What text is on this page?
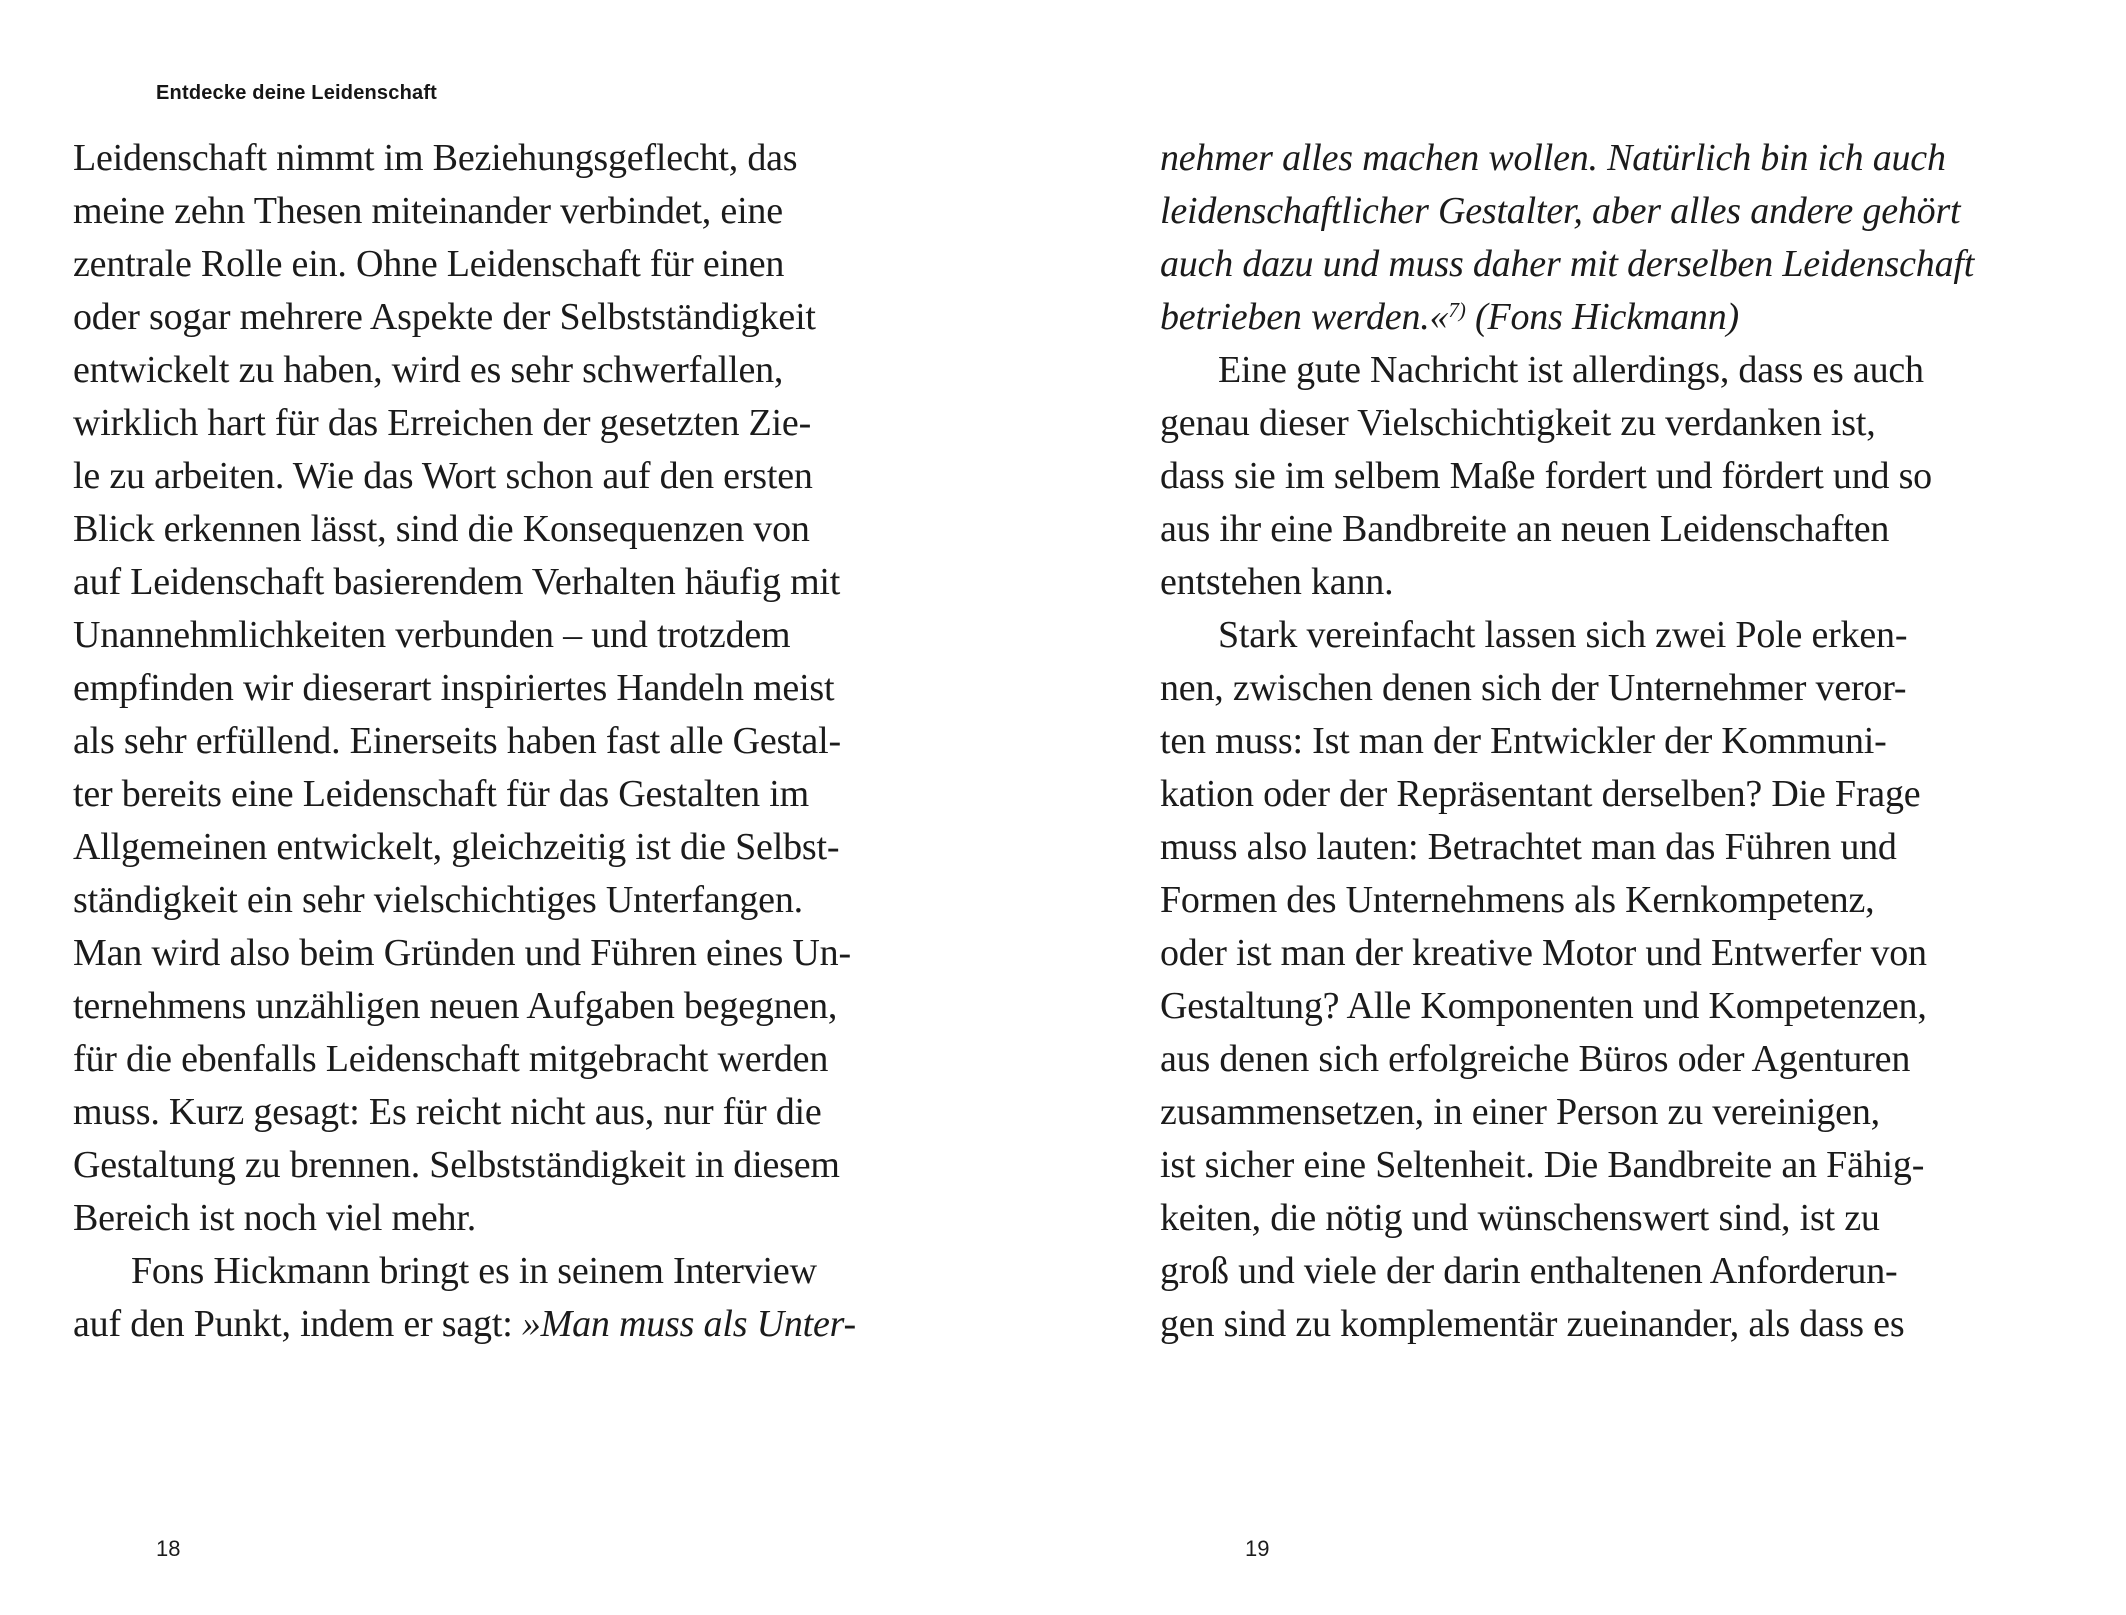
Entdecke deine Leidenschaft
Leidenschaft nimmt im Beziehungsgeflecht, das
meine zehn Thesen miteinander verbindet, eine
zentrale Rolle ein. Ohne Leidenschaft für einen
oder sogar mehrere Aspekte der Selbstständigkeit
entwickelt zu haben, wird es sehr schwerfallen,
wirklich hart für das Erreichen der gesetzten Zie-
le zu arbeiten. Wie das Wort schon auf den ersten
Blick erkennen lässt, sind die Konsequenzen von
auf Leidenschaft basierendem Verhalten häufig mit
Unannehmlichkeiten verbunden – und trotzdem
empfinden wir dieserart inspiriertes Handeln meist
als sehr erfüllend. Einerseits haben fast alle Gestal-
ter bereits eine Leidenschaft für das Gestalten im
Allgemeinen entwickelt, gleichzeitig ist die Selbst-
ständigkeit ein sehr vielschichtiges Unterfangen.
Man wird also beim Gründen und Führen eines Un-
ternehmens unzähligen neuen Aufgaben begegnen,
für die ebenfalls Leidenschaft mitgebracht werden
muss. Kurz gesagt: Es reicht nicht aus, nur für die
Gestaltung zu brennen. Selbstständigkeit in diesem
Bereich ist noch viel mehr.
Fons Hickmann bringt es in seinem Interview
auf den Punkt, indem er sagt: »Man muss als Unter-
18
nehmer alles machen wollen. Natürlich bin ich auch
leidenschaftlicher Gestalter, aber alles andere gehört
auch dazu und muss daher mit derselben Leidenschaft
betrieben werden.«$^{7)}$ (Fons Hickmann)
Eine gute Nachricht ist allerdings, dass es auch
genau dieser Vielschichtigkeit zu verdanken ist,
dass sie im selbem Maße fordert und fördert und so
aus ihr eine Bandbreite an neuen Leidenschaften
entstehen kann.
Stark vereinfacht lassen sich zwei Pole erken-
nen, zwischen denen sich der Unternehmer veror-
ten muss: Ist man der Entwickler der Kommuni-
kation oder der Repräsentant derselben? Die Frage
muss also lauten: Betrachtet man das Führen und
Formen des Unternehmens als Kernkompetenz,
oder ist man der kreative Motor und Entwerfer von
Gestaltung? Alle Komponenten und Kompetenzen,
aus denen sich erfolgreiche Büros oder Agenturen
zusammensetzen, in einer Person zu vereinigen,
ist sicher eine Seltenheit. Die Bandbreite an Fähig-
keiten, die nötig und wünschenswert sind, ist zu
groß und viele der darin enthaltenen Anforderun-
gen sind zu komplementär zueinander, als dass es
19
